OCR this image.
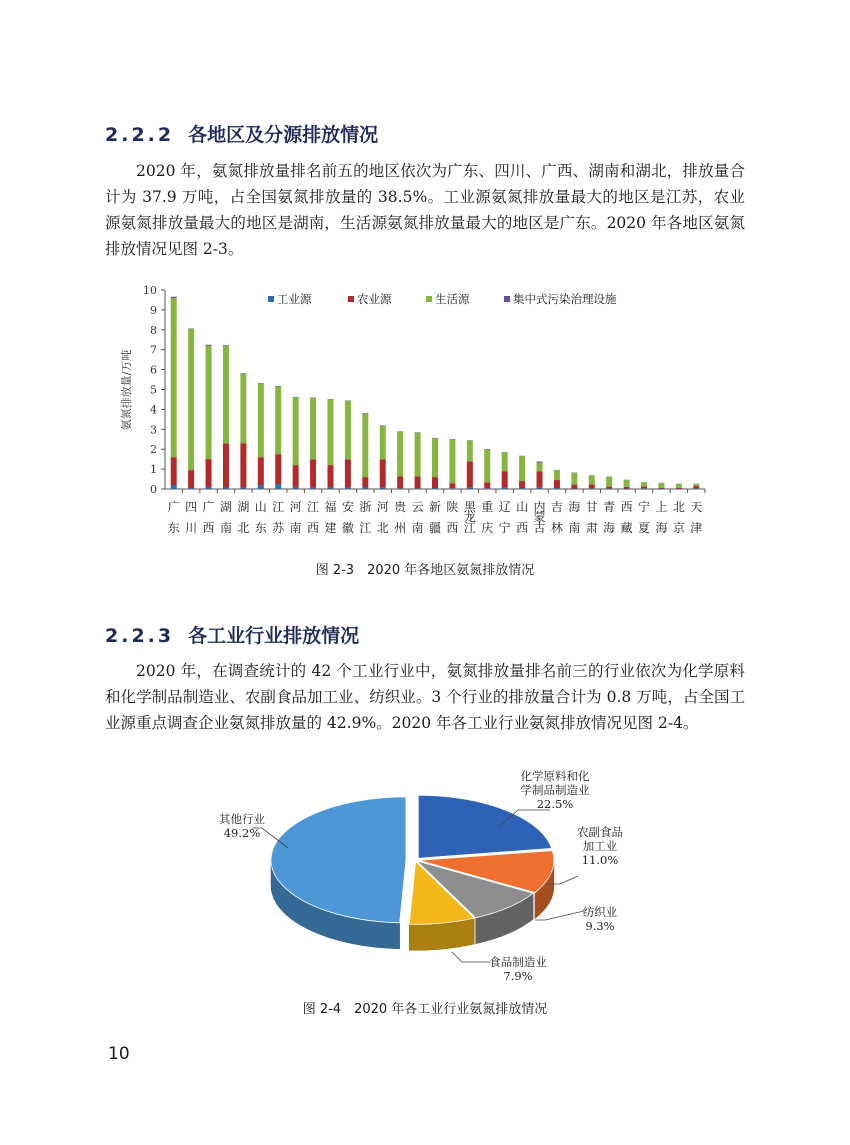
2.2.2 各地区及分源排放情况

2020 年，氨氮排放量排名前五的地区依次为广东、四川、广西、湖南和湖北，排放量合计为 37.9 万吨，占全国氨氮排放量的 38.5%。工业源氨氮排放量最大的地区是江苏，农业源氨氮排放量最大的地区是湖南，生活源氨氮排放量最大的地区是广东。2020 年各地区氨氮排放情况见图 2-3。

0
1
2
3
4
5
6
7
8
9
10
广
东
四
川
广
西
湖
南
湖
北
山
东
江
苏
河
南
江
西
福
建
安
徽
浙
江
河
北
贵
州
云
南
新
疆
陕
西
黑
龙
江
重
庆
辽
宁
山
西
内
蒙
古
吉
林
海
南
甘
肃
青
海
西
藏
宁
夏
上
海
北
京
天
津
工业源	农业源	生活源	集中式污染治理设施
氨氮排放量/万吨
图 2-3　2020 年各地区氨氮排放情况
2.2.3 各工业行业排放情况

2020 年，在调查统计的 42 个工业行业中，氨氮排放量排名前三的行业依次为化学原料和化学制品制造业、农副食品加工业、纺织业。3 个行业的排放量合计为 0.8 万吨，占全国工业源重点调查企业氨氮排放量的 42.9%。2020 年各工业行业氨氮排放情况见图 2-4。

化学原料和化
学制品制造业
22.5%
农副食品
加工业
11.0%
纺织业
9.3%
食品制造业
7.9%
其他行业
49.2%
图 2-4　2020 年各工业行业氨氮排放情况
10
